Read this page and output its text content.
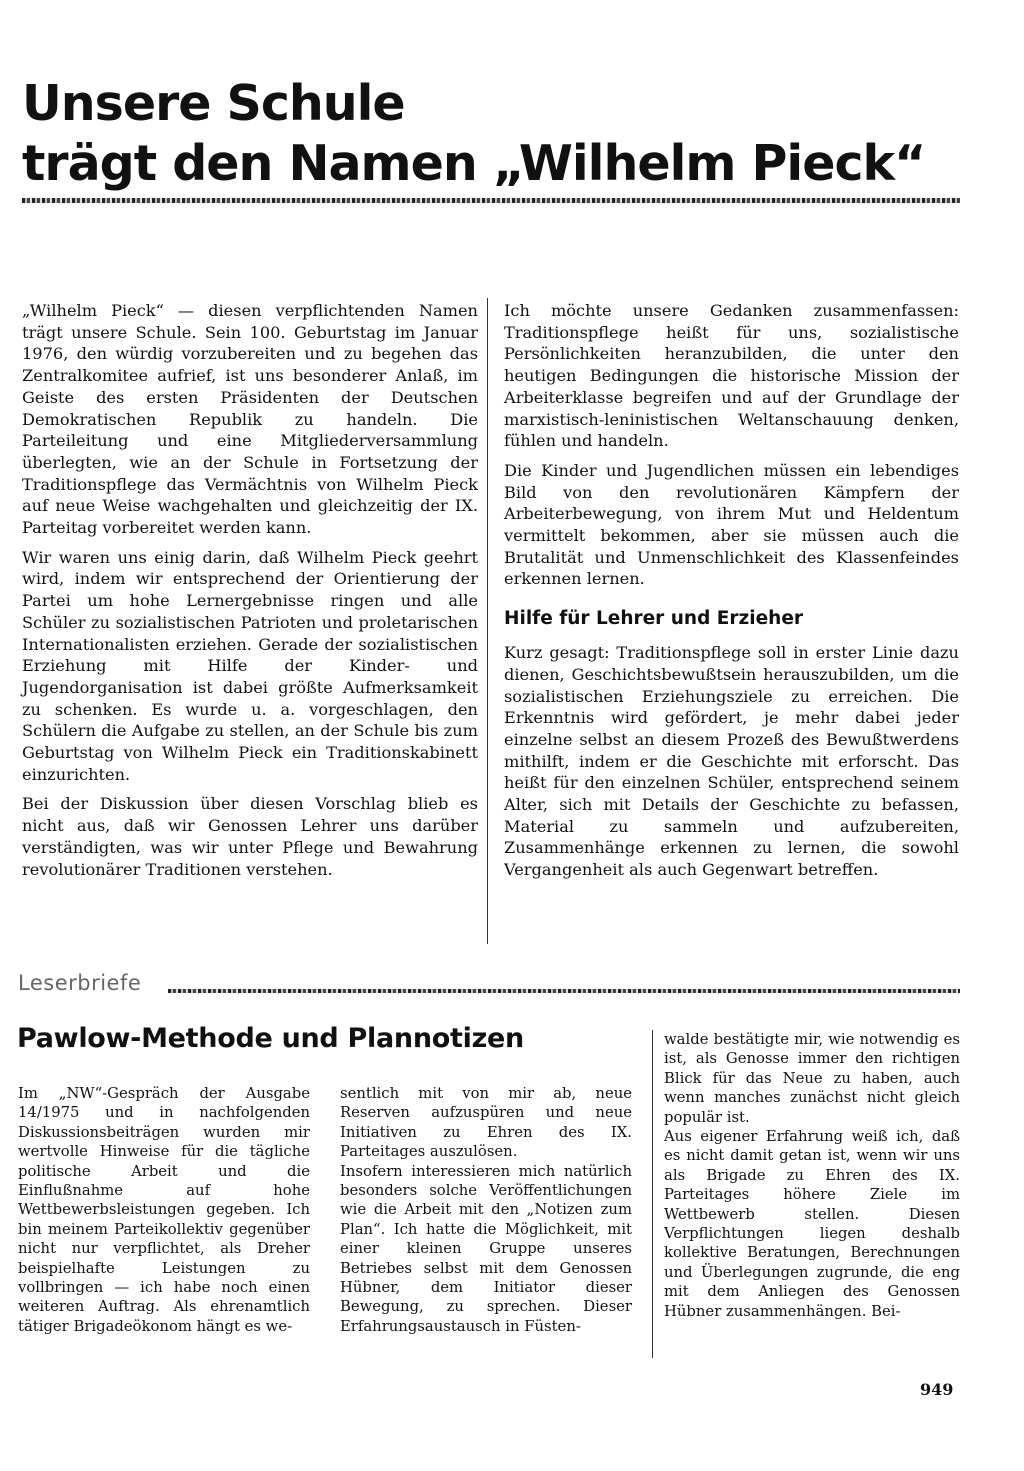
Unsere Schule
trägt den Namen „Wilhelm Pieck“

„Wilhelm Pieck“ — diesen verpflichtenden Namen trägt unsere Schule. Sein 100. Geburtstag im Januar 1976, den würdig vorzubereiten und zu begehen das Zentralkomitee aufrief, ist uns besonderer Anlaß, im Geiste des ersten Präsidenten der Deutschen Demokratischen Republik zu handeln. Die Parteileitung und eine Mitgliederversammlung überlegten, wie an der Schule in Fortsetzung der Traditionspflege das Vermächtnis von Wilhelm Pieck auf neue Weise wachgehalten und gleichzeitig der IX. Parteitag vorbereitet werden kann.

Wir waren uns einig darin, daß Wilhelm Pieck geehrt wird, indem wir entsprechend der Orientierung der Partei um hohe Lernergebnisse ringen und alle Schüler zu sozialistischen Patrioten und proletarischen Internationalisten erziehen. Gerade der sozialistischen Erziehung mit Hilfe der Kinder- und Jugendorganisation ist dabei größte Aufmerksamkeit zu schenken. Es wurde u. a. vorgeschlagen, den Schülern die Aufgabe zu stellen, an der Schule bis zum Geburtstag von Wilhelm Pieck ein Traditionskabinett einzurichten.

Bei der Diskussion über diesen Vorschlag blieb es nicht aus, daß wir Genossen Lehrer uns darüber verständigten, was wir unter Pflege und Bewahrung revolutionärer Traditionen verstehen.

Ich möchte unsere Gedanken zusammenfassen: Traditionspflege heißt für uns, sozialistische Persönlichkeiten heranzubilden, die unter den heutigen Bedingungen die historische Mission der Arbeiterklasse begreifen und auf der Grundlage der marxistisch-leninistischen Weltanschauung denken, fühlen und handeln.

Die Kinder und Jugendlichen müssen ein lebendiges Bild von den revolutionären Kämpfern der Arbeiterbewegung, von ihrem Mut und Heldentum vermittelt bekommen, aber sie müssen auch die Brutalität und Unmenschlichkeit des Klassenfeindes erkennen lernen.

Hilfe für Lehrer und Erzieher

Kurz gesagt: Traditionspflege soll in erster Linie dazu dienen, Geschichtsbewußtsein herauszubilden, um die sozialistischen Erziehungsziele zu erreichen. Die Erkenntnis wird gefördert, je mehr dabei jeder einzelne selbst an diesem Prozeß des Bewußtwerdens mithilft, indem er die Geschichte mit erforscht. Das heißt für den einzelnen Schüler, entsprechend seinem Alter, sich mit Details der Geschichte zu befassen, Material zu sammeln und aufzubereiten, Zusammenhänge erkennen zu lernen, die sowohl Vergangenheit als auch Gegenwart betreffen.

Leserbriefe
Pawlow-Methode und Plannotizen

Im „NW“-Gespräch der Ausgabe 14/1975 und in nachfolgenden Diskussionsbeiträgen wurden mir wertvolle Hinweise für die tägliche politische Arbeit und die Einflußnahme auf hohe Wettbewerbsleistungen gegeben. Ich bin meinem Parteikollektiv gegenüber nicht nur verpflichtet, als Dreher beispielhafte Leistungen zu vollbringen — ich habe noch einen weiteren Auftrag. Als ehrenamtlich tätiger Brigadeökonom hängt es we-

sentlich mit von mir ab, neue Reserven aufzuspüren und neue Initiativen zu Ehren des IX. Parteitages auszulösen.

Insofern interessieren mich natürlich besonders solche Veröffentlichungen wie die Arbeit mit den „Notizen zum Plan“. Ich hatte die Möglichkeit, mit einer kleinen Gruppe unseres Betriebes selbst mit dem Genossen Hübner, dem Initiator dieser Bewegung, zu sprechen. Dieser Erfahrungsaustausch in Füsten-

walde bestätigte mir, wie notwendig es ist, als Genosse immer den richtigen Blick für das Neue zu haben, auch wenn manches zunächst nicht gleich populär ist.

Aus eigener Erfahrung weiß ich, daß es nicht damit getan ist, wenn wir uns als Brigade zu Ehren des IX. Parteitages höhere Ziele im Wettbewerb stellen. Diesen Verpflichtungen liegen deshalb kollektive Beratungen, Berechnungen und Überlegungen zugrunde, die eng mit dem Anliegen des Genossen Hübner zusammenhängen. Bei-

949
